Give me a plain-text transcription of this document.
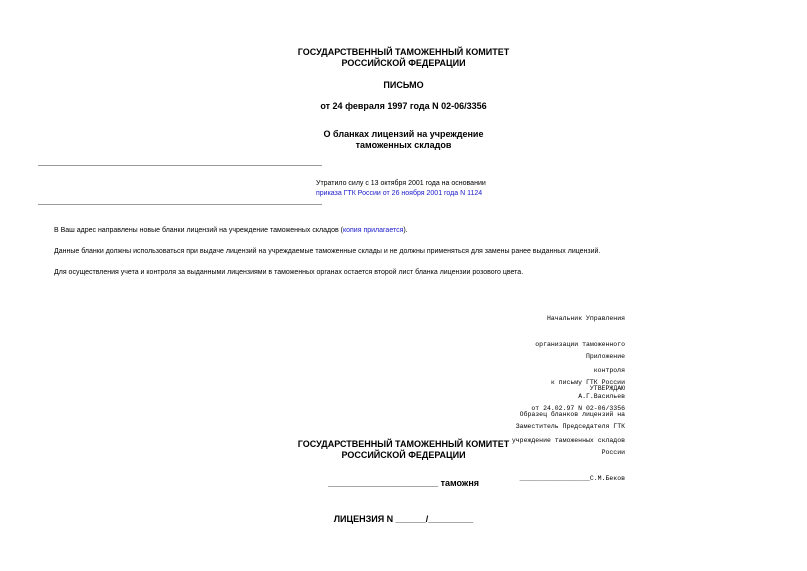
ГОСУДАРСТВЕННЫЙ ТАМОЖЕННЫЙ КОМИТЕТ
РОССИЙСКОЙ ФЕДЕРАЦИИ
ПИСЬМО
от 24 февраля 1997 года N 02-06/3356
О бланках лицензий на учреждение
таможенных складов
Утратило силу с 13 октября 2001 года на основании
приказа ГТК России от 26 ноября 2001 года N 1124

В Ваш адрес направлены новые бланки лицензий на учреждение таможенных складов (копия прилагается).

Данные бланки должны использоваться при выдаче лицензий на учреждаемые таможенные склады и не должны применяться для замены ранее выданных лицензий.

Для осуществления учета и контроля за выданными лицензиями в таможенных органах остается второй лист бланка лицензии розового цвета.

Начальник Управления

организации таможенного

контроля

А.Г.Васильев

Приложение

к письму ГТК России

от 24.02.97 N 02-06/3356

УТВЕРЖДАЮ

Образец бланков лицензий на

учреждение таможенных складов

Заместитель Председателя ГТК

России

__________________С.М.Беков

ГОСУДАРСТВЕННЫЙ ТАМОЖЕННЫЙ КОМИТЕТ
РОССИЙСКОЙ ФЕДЕРАЦИИ
______________________ таможня
ЛИЦЕНЗИЯ N ______/_________
